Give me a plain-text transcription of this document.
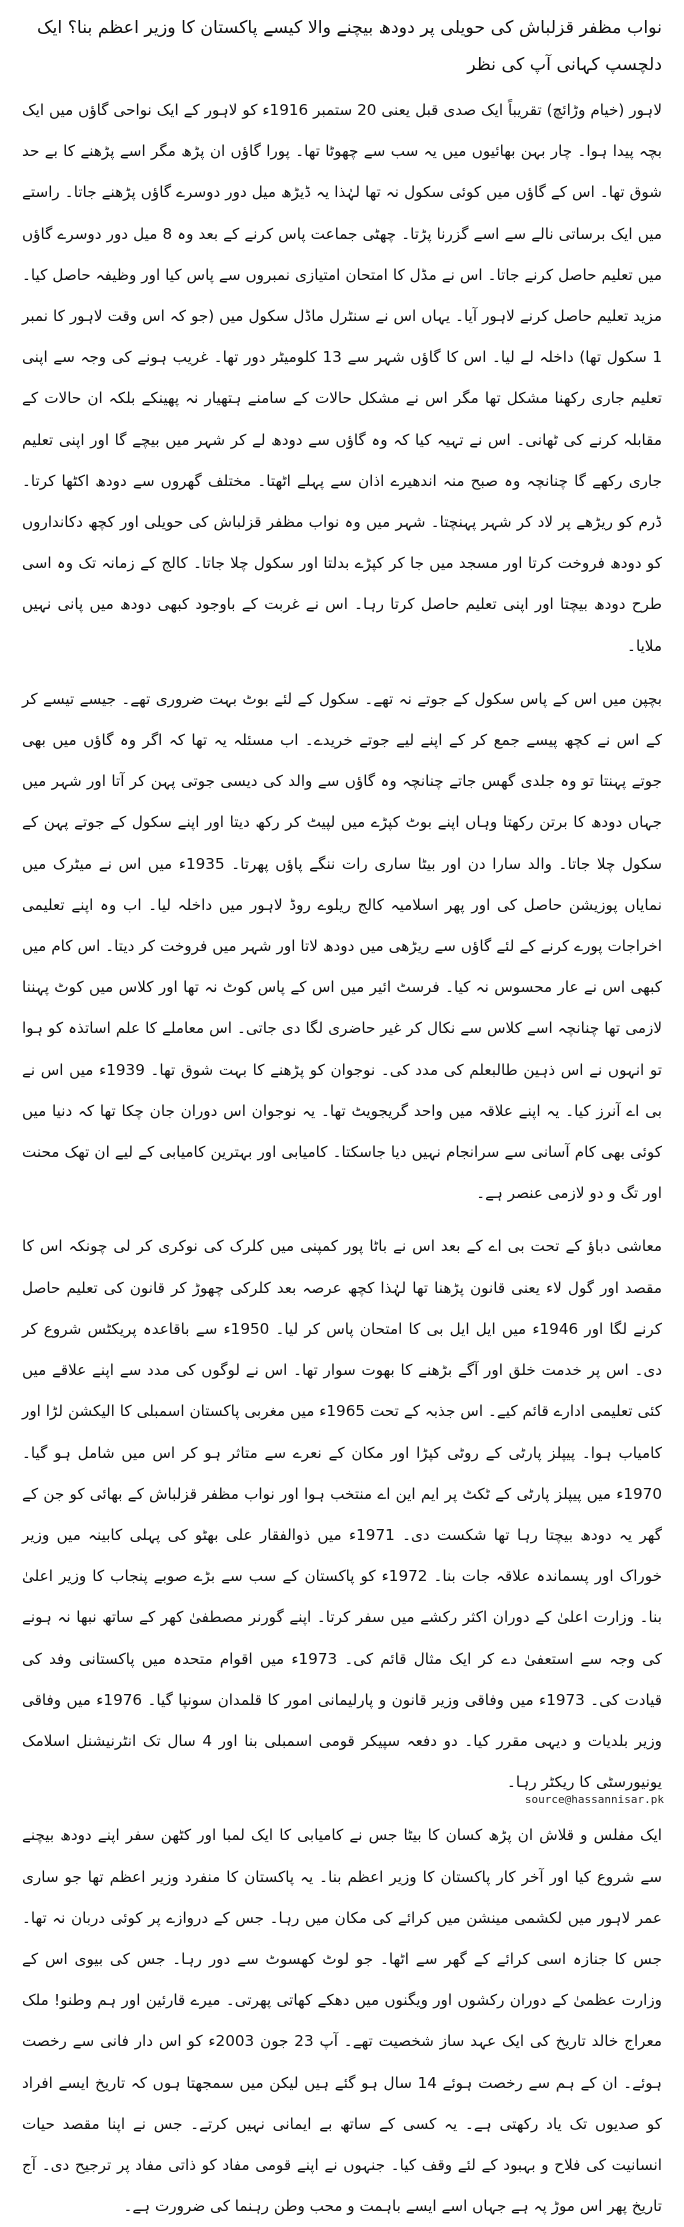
نواب مظفر قزلباش کی حویلی پر دودھ بیچنے والا کیسے پاکستان کا وزیر اعظم بنا؟ ایک دلچسپ کہانی آپ کی نظر

لاہور (خیام وڑائچ) تقریباً ایک صدی قبل یعنی 20 ستمبر 1916ء کو لاہور کے ایک نواحی گاؤں میں ایک بچہ پیدا ہوا۔ چار بہن بھائیوں میں یہ سب سے چھوٹا تھا۔ پورا گاؤں ان پڑھ مگر اسے پڑھنے کا بے حد شوق تھا۔ اس کے گاؤں میں کوئی سکول نہ تھا لہٰذا یہ ڈیڑھ میل دور دوسرے گاؤں پڑھنے جاتا۔ راستے میں ایک برساتی نالے سے اسے گزرنا پڑتا۔ چھٹی جماعت پاس کرنے کے بعد وہ 8 میل دور دوسرے گاؤں میں تعلیم حاصل کرنے جاتا۔ اس نے مڈل کا امتحان امتیازی نمبروں سے پاس کیا اور وظیفہ حاصل کیا۔ مزید تعلیم حاصل کرنے لاہور آیا۔ یہاں اس نے سنٹرل ماڈل سکول میں (جو کہ اس وقت لاہور کا نمبر 1 سکول تھا) داخلہ لے لیا۔ اس کا گاؤں شہر سے 13 کلومیٹر دور تھا۔ غریب ہونے کی وجہ سے اپنی تعلیم جاری رکھنا مشکل تھا مگر اس نے مشکل حالات کے سامنے ہتھیار نہ پھینکے بلکہ ان حالات کے مقابلہ کرنے کی ٹھانی۔ اس نے تہیہ کیا کہ وہ گاؤں سے دودھ لے کر شہر میں بیچے گا اور اپنی تعلیم جاری رکھے گا چنانچہ وہ صبح منہ اندھیرے اذان سے پہلے اٹھتا۔ مختلف گھروں سے دودھ اکٹھا کرتا۔ ڈرم کو ریڑھے پر لاد کر شہر پہنچتا۔ شہر میں وہ نواب مظفر قزلباش کی حویلی اور کچھ دکانداروں کو دودھ فروخت کرتا اور مسجد میں جا کر کپڑے بدلتا اور سکول چلا جاتا۔ کالج کے زمانہ تک وہ اسی طرح دودھ بیچتا اور اپنی تعلیم حاصل کرتا رہا۔ اس نے غربت کے باوجود کبھی دودھ میں پانی نہیں ملایا۔

بچپن میں اس کے پاس سکول کے جوتے نہ تھے۔ سکول کے لئے بوٹ بہت ضروری تھے۔ جیسے تیسے کر کے اس نے کچھ پیسے جمع کر کے اپنے لیے جوتے خریدے۔ اب مسئلہ یہ تھا کہ اگر وہ گاؤں میں بھی جوتے پہنتا تو وہ جلدی گھس جاتے چنانچہ وہ گاؤں سے والد کی دیسی جوتی پہن کر آتا اور شہر میں جہاں دودھ کا برتن رکھتا وہاں اپنے بوٹ کپڑے میں لپیٹ کر رکھ دیتا اور اپنے سکول کے جوتے پہن کے سکول چلا جاتا۔ والد سارا دن اور بیٹا ساری رات ننگے پاؤں پھرتا۔ 1935ء میں اس نے میٹرک میں نمایاں پوزیشن حاصل کی اور پھر اسلامیہ کالج ریلوے روڈ لاہور میں داخلہ لیا۔ اب وہ اپنے تعلیمی اخراجات پورے کرنے کے لئے گاؤں سے ریڑھی میں دودھ لاتا اور شہر میں فروخت کر دیتا۔ اس کام میں کبھی اس نے عار محسوس نہ کیا۔ فرسٹ ائیر میں اس کے پاس کوٹ نہ تھا اور کلاس میں کوٹ پہننا لازمی تھا چنانچہ اسے کلاس سے نکال کر غیر حاضری لگا دی جاتی۔ اس معاملے کا علم اساتذہ کو ہوا تو انہوں نے اس ذہین طالبعلم کی مدد کی۔ نوجوان کو پڑھنے کا بہت شوق تھا۔ 1939ء میں اس نے بی اے آنرز کیا۔ یہ اپنے علاقہ میں واحد گریجویٹ تھا۔ یہ نوجوان اس دوران جان چکا تھا کہ دنیا میں کوئی بھی کام آسانی سے سرانجام نہیں دیا جاسکتا۔ کامیابی اور بہترین کامیابی کے لیے ان تھک محنت اور تگ و دو لازمی عنصر ہے۔

معاشی دباؤ کے تحت بی اے کے بعد اس نے باٹا پور کمپنی میں کلرک کی نوکری کر لی چونکہ اس کا مقصد اور گول لاء یعنی قانون پڑھنا تھا لہٰذا کچھ عرصہ بعد کلرکی چھوڑ کر قانون کی تعلیم حاصل کرنے لگا اور 1946ء میں ایل ایل بی کا امتحان پاس کر لیا۔ 1950ء سے باقاعدہ پریکٹس شروع کر دی۔ اس پر خدمت خلق اور آگے بڑھنے کا بھوت سوار تھا۔ اس نے لوگوں کی مدد سے اپنے علاقے میں کئی تعلیمی ادارے قائم کیے۔ اس جذبہ کے تحت 1965ء میں مغربی پاکستان اسمبلی کا الیکشن لڑا اور کامیاب ہوا۔ پیپلز پارٹی کے روٹی کپڑا اور مکان کے نعرے سے متاثر ہو کر اس میں شامل ہو گیا۔ 1970ء میں پیپلز پارٹی کے ٹکٹ پر ایم این اے منتخب ہوا اور نواب مظفر قزلباش کے بھائی کو جن کے گھر یہ دودھ بیچتا رہا تھا شکست دی۔ 1971ء میں ذوالفقار علی بھٹو کی پہلی کابینہ میں وزیر خوراک اور پسماندہ علاقہ جات بنا۔ 1972ء کو پاکستان کے سب سے بڑے صوبے پنجاب کا وزیر اعلیٰ بنا۔ وزارت اعلیٰ کے دوران اکثر رکشے میں سفر کرتا۔ اپنے گورنر مصطفیٰ کھر کے ساتھ نبھا نہ ہونے کی وجہ سے استعفیٰ دے کر ایک مثال قائم کی۔ 1973ء میں اقوام متحدہ میں پاکستانی وفد کی قیادت کی۔ 1973ء میں وفاقی وزیر قانون و پارلیمانی امور کا قلمدان سونپا گیا۔ 1976ء میں وفاقی وزیر بلدیات و دیہی مقرر کیا۔ دو دفعہ سپیکر قومی اسمبلی بنا اور 4 سال تک انٹرنیشنل اسلامک یونیورسٹی کا ریکٹر رہا۔

ایک مفلس و قلاش ان پڑھ کسان کا بیٹا جس نے کامیابی کا ایک لمبا اور کٹھن سفر اپنے دودھ بیچنے سے شروع کیا اور آخر کار پاکستان کا وزیر اعظم بنا۔ یہ پاکستان کا منفرد وزیر اعظم تھا جو ساری عمر لاہور میں لکشمی مینشن میں کرائے کی مکان میں رہا۔ جس کے دروازے پر کوئی دربان نہ تھا۔ جس کا جنازہ اسی کرائے کے گھر سے اٹھا۔ جو لوٹ کھسوٹ سے دور رہا۔ جس کی بیوی اس کے وزارت عظمیٰ کے دوران رکشوں اور ویگنوں میں دھکے کھاتی پھرتی۔ میرے قارئین اور ہم وطنو! ملک معراج خالد تاریخ کی ایک عہد ساز شخصیت تھے۔ آپ 23 جون 2003ء کو اس دار فانی سے رخصت ہوئے۔ ان کے ہم سے رخصت ہوئے 14 سال ہو گئے ہیں لیکن میں سمجھتا ہوں کہ تاریخ ایسے افراد کو صدیوں تک یاد رکھتی ہے۔ یہ کسی کے ساتھ بے ایمانی نہیں کرتے۔ جس نے اپنا مقصد حیات انسانیت کی فلاح و بہبود کے لئے وقف کیا۔ جنہوں نے اپنے قومی مفاد کو ذاتی مفاد پر ترجیح دی۔ آج تاریخ پھر اس موڑ پہ ہے جہاں اسے ایسے باہمت و محب وطن رہنما کی ضرورت ہے۔

source@hassannisar.pk
